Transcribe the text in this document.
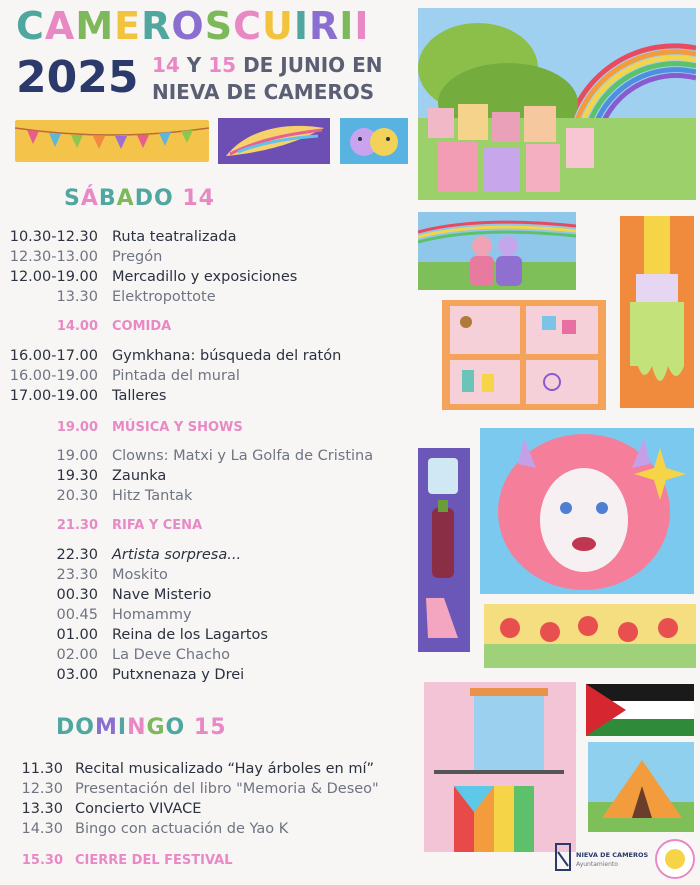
CAMEROSCUIRII
2025 14 Y 15 DE JUNIO EN
NIEVA DE CAMEROS
NIEVA DE CAMEROS
Ayuntamiento
SÁBADO 14
10.30-12.30 Ruta teatralizada
12.30-13.00 Pregón
12.00-19.00 Mercadillo y exposiciones
13.30 Elektropottote
14.00 COMIDA
16.00-17.00 Gymkhana: búsqueda del ratón
16.00-19.00 Pintada del mural
17.00-19.00 Talleres
19.00 MÚSICA Y SHOWS
19.00 Clowns: Matxi y La Golfa de Cristina
19.30 Zaunka
20.30 Hitz Tantak
21.30 RIFA Y CENA
22.30 Artista sorpresa...
23.30 Moskito
00.30 Nave Misterio
00.45 Homammy
01.00 Reina de los Lagartos
02.00 La Deve Chacho
03.00 Putxnenaza y Drei
DOMINGO 15
11.30 Recital musicalizado “Hay árboles en mí”
12.30 Presentación del libro "Memoria & Deseo"
13.30 Concierto VIVACE
14.30 Bingo con actuación de Yao K
15.30 CIERRE DEL FESTIVAL
